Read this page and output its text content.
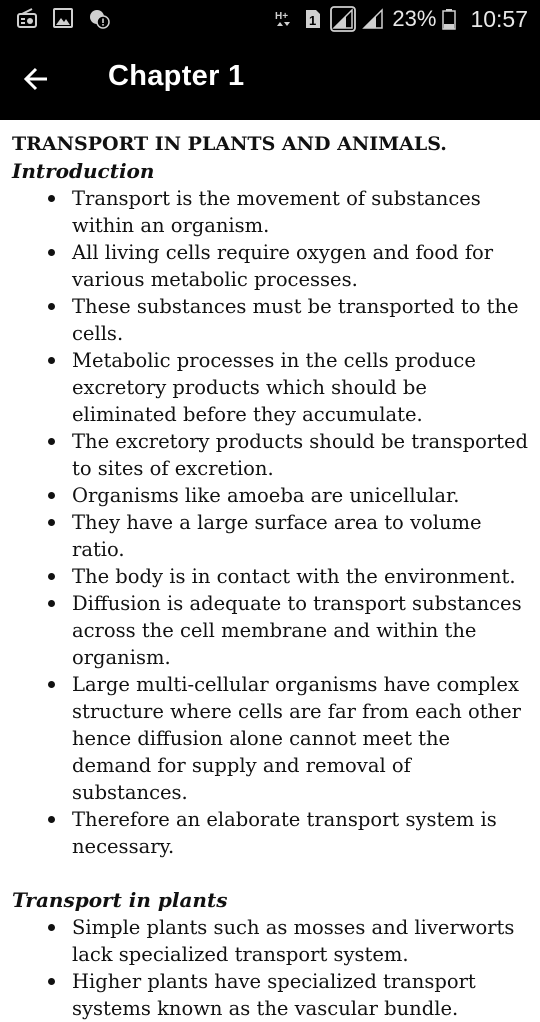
H+ 1	23% 10:57
Chapter 1
TRANSPORT IN PLANTS AND ANIMALS.
Introduction
Transport is the movement of substances within an organism.
All living cells require oxygen and food for various metabolic processes.
These substances must be transported to the cells.
Metabolic processes in the cells produce excretory products which should be eliminated before they accumulate.
The excretory products should be transported to sites of excretion.
Organisms like amoeba are unicellular.
They have a large surface area to volume ratio.
The body is in contact with the environment.
Diffusion is adequate to transport substances across the cell membrane and within the organism.
Large multi-cellular organisms have complex structure where cells are far from each other hence diffusion alone cannot meet the demand for supply and removal of substances.
Therefore an elaborate transport system is necessary.
Transport in plants
Simple plants such as mosses and liverworts lack specialized transport system.
Higher plants have specialized transport systems known as the vascular bundle.
